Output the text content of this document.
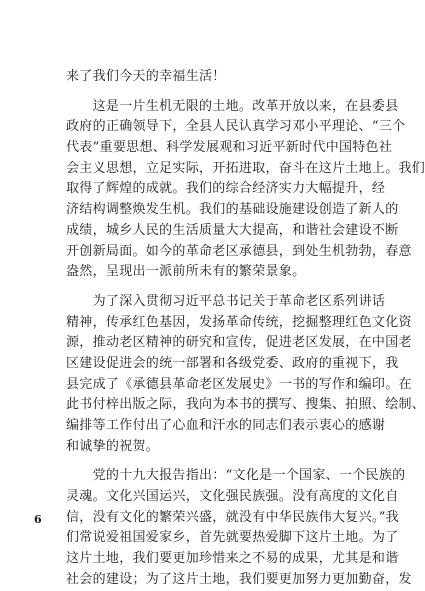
来了我们今天的幸福生活！
　　这是一片生机无限的土地。改革开放以来，在县委县
政府的正确领导下，全县人民认真学习邓小平理论、“三个
代表”重要思想、科学发展观和习近平新时代中国特色社
会主义思想，立足实际，开拓进取，奋斗在这片土地上。我们
取得了辉煌的成就。我们的综合经济实力大幅提升，经
济结构调整焕发生机。我们的基础设施建设创造了新人的
成绩，城乡人民的生活质量大大提高，和谐社会建设不断
开创新局面。如今的革命老区承德县，到处生机勃勃，春意
盎然，呈现出一派前所未有的繁荣景象。
　　为了深入贯彻习近平总书记关于革命老区系列讲话
精神，传承红色基因，发扬革命传统，挖掘整理红色文化资
源，推动老区精神的研究和宣传，促进老区发展，在中国老
区建设促进会的统一部署和各级党委、政府的重视下，我
县完成了《承德县革命老区发展史》一书的写作和编印。在
此书付梓出版之际，我向为本书的撰写、搜集、拍照、绘制、
编排等工作付出了心血和汗水的同志们表示衷心的感谢
和诚挚的祝贺。
　　党的十九大报告指出：“文化是一个国家、一个民族的
灵魂。文化兴国运兴，文化强民族强。没有高度的文化自
信，没有文化的繁荣兴盛，就没有中华民族伟大复兴。”我
们常说爱祖国爱家乡，首先就要热爱脚下这片土地。为了
这片土地，我们要更加珍惜来之不易的成果，尤其是和谐
社会的建设；为了这片土地，我们要更加努力更加勤奋，发
6
